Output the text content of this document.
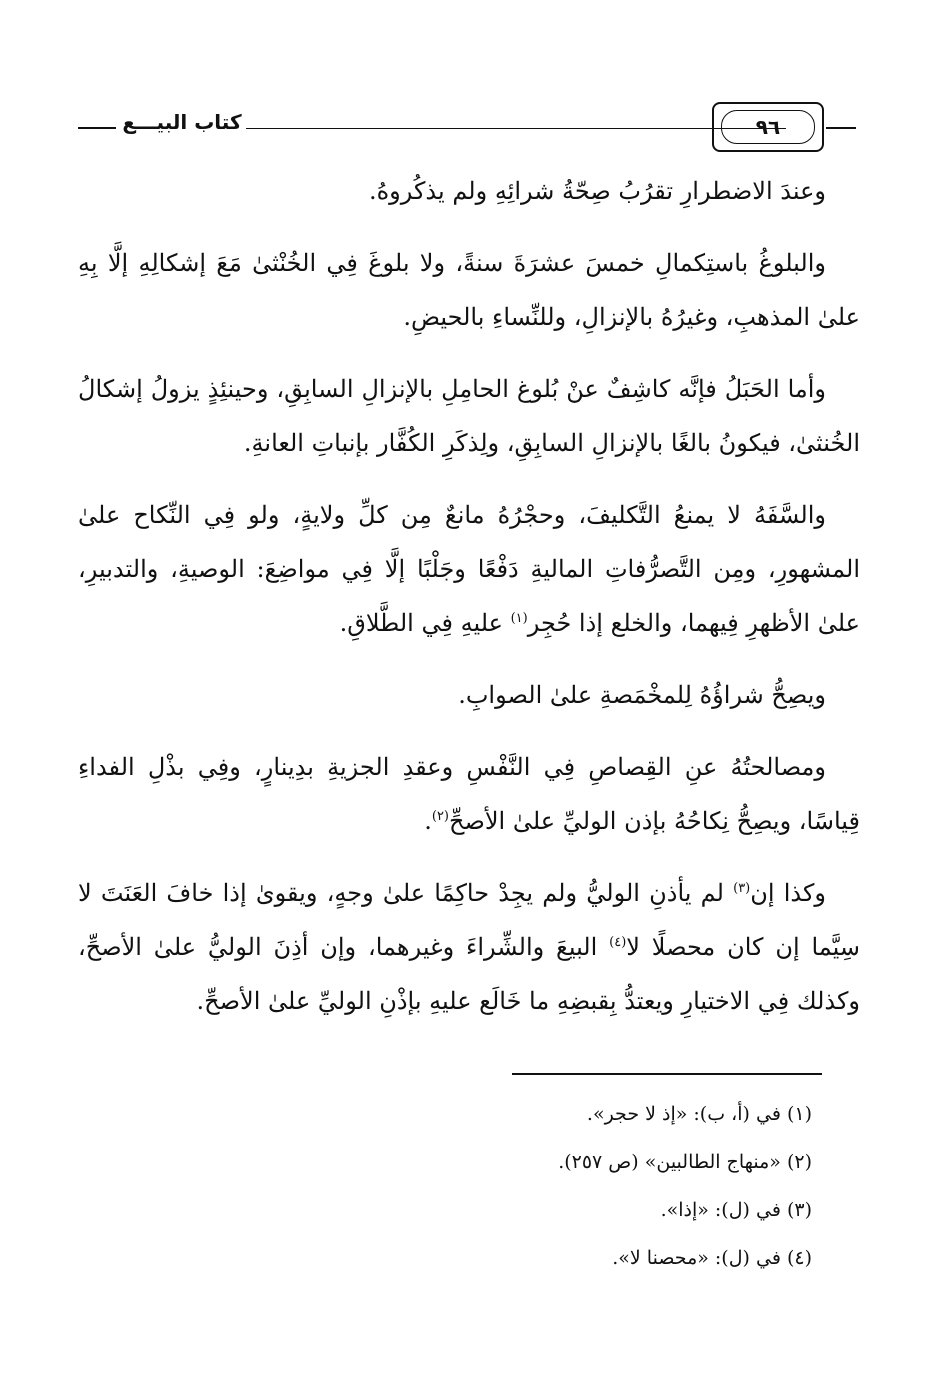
كتاب البيـــع	٩٦

وعندَ الاضطرارِ تقرُبُ صِحّةُ شرائِهِ ولم يذكُروهُ.

والبلوغُ باستِكمالِ خمسَ عشرَةَ سنةً، ولا بلوغَ فِي الخُنْثىٰ مَعَ إشكالِهِ إلَّا بِهِ علىٰ المذهبِ، وغيرُهُ بالإنزالِ، وللنِّساءِ بالحيضِ.

وأما الحَبَلُ فإنَّه كاشِفٌ عنْ بُلوغ الحامِلِ بالإنزالِ السابِقِ، وحينئِذٍ يزولُ إشكالُ الخُنثىٰ، فيكونُ بالغًا بالإنزالِ السابِقِ، ولِذكَرِ الكُفَّار بإنباتِ العانةِ.

والسَّفَهُ لا يمنعُ التَّكليفَ، وحجْرُهُ مانعٌ مِن كلِّ ولايةٍ، ولو فِي النِّكاح علىٰ المشهورِ، ومِن التَّصرُّفاتِ الماليةِ دَفْعًا وجَلْبًا إلَّا فِي مواضِعَ: الوصيةِ، والتدبيرِ، علىٰ الأظهرِ فِيهما، والخلع إذا حُجِر$^{(١)}$ عليهِ فِي الطَّلاقِ.

ويصِحُّ شراؤُهُ لِلمخْمَصةِ علىٰ الصوابِ.

ومصالحتُهُ عنِ القِصاصِ فِي النَّفْسِ وعقدِ الجزيةِ بدِينارٍ، وفِي بذْلِ الفداءِ قِياسًا، ويصِحُّ نِكاحُهُ بإذن الوليِّ علىٰ الأصحِّ$^{(٢)}$.

وكذا إن$^{(٣)}$ لم يأذنِ الوليُّ ولم يجِدْ حاكِمًا علىٰ وجهٍ، ويقوىٰ إذا خافَ العَنَتَ لا سِيَّما إن كان محصلًا لا$^{(٤)}$ البيعَ والشِّراءَ وغيرهما، وإن أذِنَ الوليُّ علىٰ الأصحِّ، وكذلك فِي الاختيارِ ويعتدُّ بِقبضِهِ ما خَالَع عليهِ بإذْنِ الوليِّ علىٰ الأصحِّ.

(١) في (أ، ب): «إذ لا حجر».

(٢) «منهاج الطالبين» (ص ٢٥٧).

(٣) في (ل): «إذا».

(٤) في (ل): «محصنا لا».
